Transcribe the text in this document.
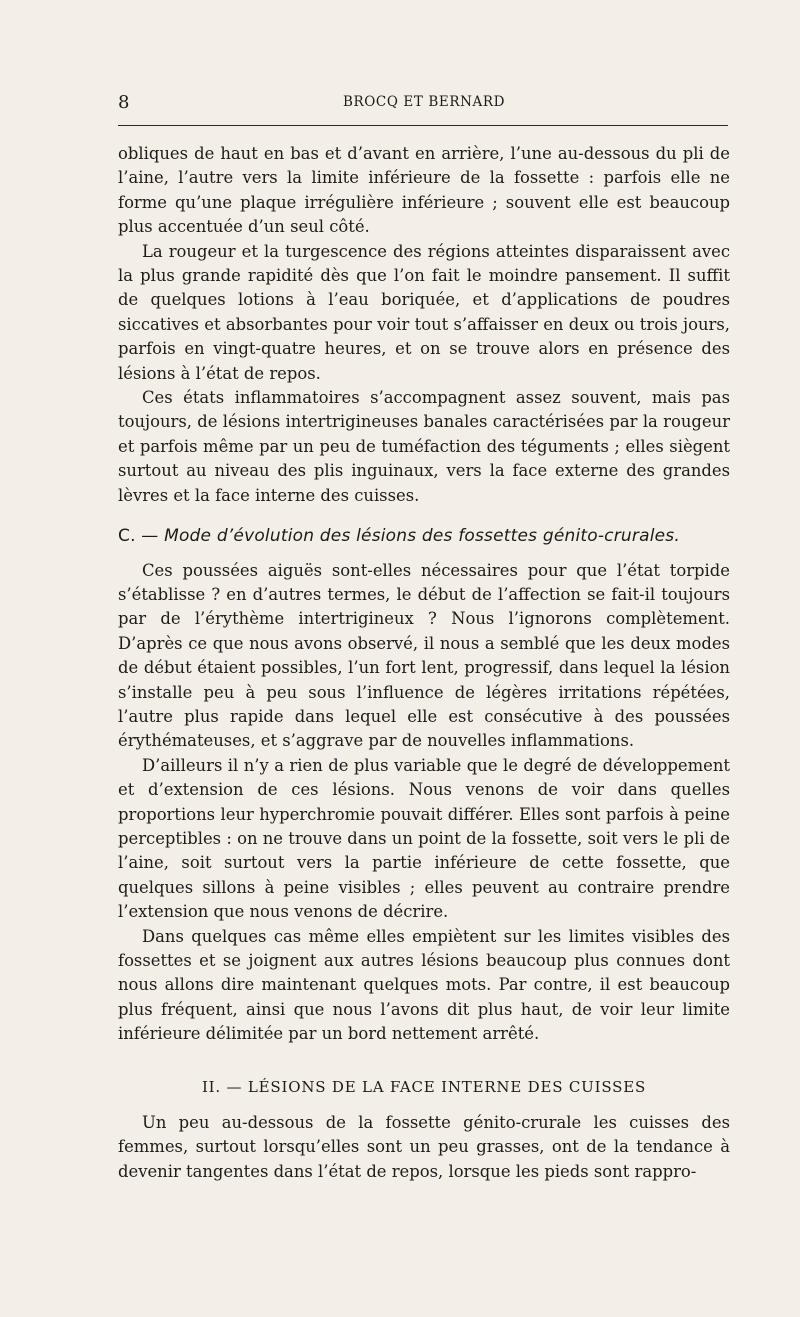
8	BROCQ ET BERNARD

obliques de haut en bas et d’avant en arrière, l’une au-dessous du pli de l’aine, l’autre vers la limite inférieure de la fossette : parfois elle ne forme qu’une plaque irrégulière inférieure ; souvent elle est beaucoup plus accentuée d’un seul côté.

La rougeur et la turgescence des régions atteintes disparaissent avec la plus grande rapidité dès que l’on fait le moindre pansement. Il suffit de quelques lotions à l’eau boriquée, et d’applications de poudres siccatives et absorbantes pour voir tout s’affaisser en deux ou trois jours, parfois en vingt-quatre heures, et on se trouve alors en présence des lésions à l’état de repos.

Ces états inflammatoires s’accompagnent assez souvent, mais pas toujours, de lésions intertrigineuses banales caractérisées par la rougeur et parfois même par un peu de tuméfaction des téguments ; elles siègent surtout au niveau des plis inguinaux, vers la face externe des grandes lèvres et la face interne des cuisses.

C. — Mode d’évolution des lésions des fossettes génito-crurales.

Ces poussées aiguës sont-elles nécessaires pour que l’état torpide s’établisse ? en d’autres termes, le début de l’affection se fait-il toujours par de l’érythème intertrigineux ? Nous l’ignorons complètement. D’après ce que nous avons observé, il nous a semblé que les deux modes de début étaient possibles, l’un fort lent, progressif, dans lequel la lésion s’installe peu à peu sous l’influence de légères irritations répétées, l’autre plus rapide dans lequel elle est consécutive à des poussées érythémateuses, et s’aggrave par de nouvelles inflammations.

D’ailleurs il n’y a rien de plus variable que le degré de développement et d’extension de ces lésions. Nous venons de voir dans quelles proportions leur hyperchromie pouvait différer. Elles sont parfois à peine perceptibles : on ne trouve dans un point de la fossette, soit vers le pli de l’aine, soit surtout vers la partie inférieure de cette fossette, que quelques sillons à peine visibles ; elles peuvent au contraire prendre l’extension que nous venons de décrire.

Dans quelques cas même elles empiètent sur les limites visibles des fossettes et se joignent aux autres lésions beaucoup plus connues dont nous allons dire maintenant quelques mots. Par contre, il est beaucoup plus fréquent, ainsi que nous l’avons dit plus haut, de voir leur limite inférieure délimitée par un bord nettement arrêté.

II. — LÉSIONS DE LA FACE INTERNE DES CUISSES

Un peu au-dessous de la fossette génito-crurale les cuisses des femmes, surtout lorsqu’elles sont un peu grasses, ont de la tendance à devenir tangentes dans l’état de repos, lorsque les pieds sont rappro-
